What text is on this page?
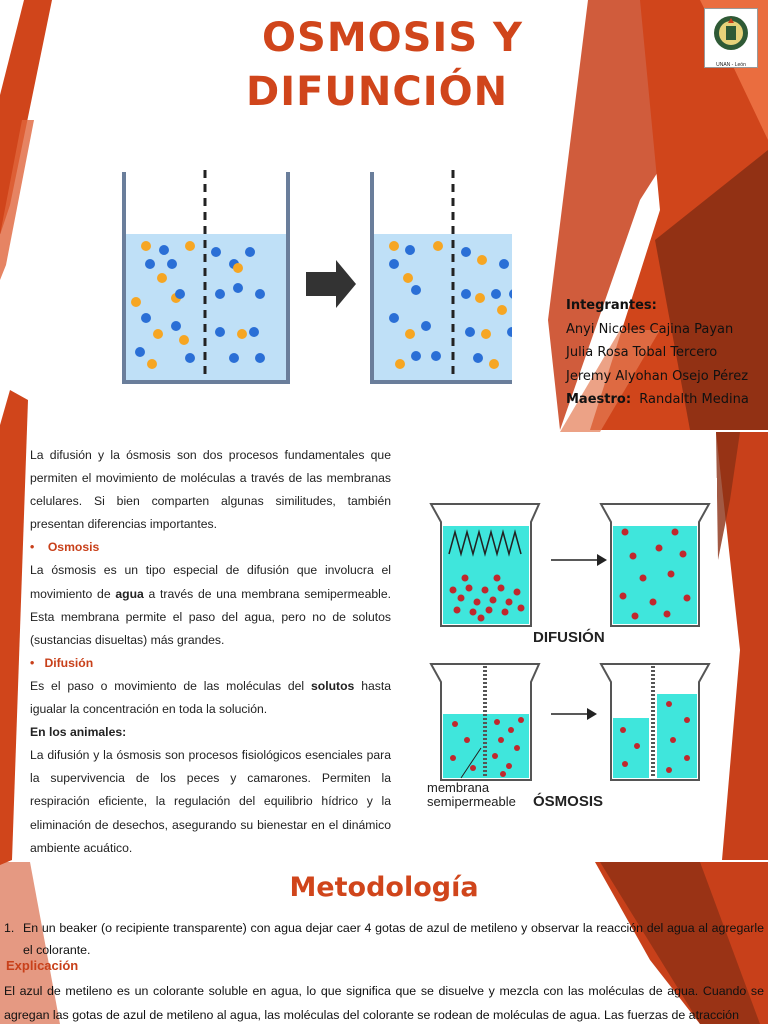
OSMOSIS Y
DIFUNCIÓN
UNAN - León
Integrantes:
Anyi Nicoles Cajina Payan
Julia Rosa Tobal Tercero
Jeremy Alyohan Osejo Pérez
Maestro: Randalth Medina

La difusión y la ósmosis son dos procesos fundamentales que permiten el movimiento de moléculas a través de las membranas celulares. Si bien comparten algunas similitudes, también presentan diferencias importantes.

•    Osmosis

La ósmosis es un tipo especial de difusión que involucra el movimiento de agua a través de una membrana semipermeable. Esta membrana permite el paso del agua, pero no de solutos (sustancias disueltas) más grandes.

•   Difusión

Es el paso o movimiento de las moléculas del solutos hasta igualar la concentración en toda la solución.

En los animales:

La difusión y la ósmosis son procesos fisiológicos esenciales para la supervivencia de los peces y camarones. Permiten la respiración eficiente, la regulación del equilibrio hídrico y la eliminación de desechos, asegurando su bienestar en el dinámico ambiente acuático.

DIFUSIÓN
membrana
semipermeable ÓSMOSIS
Metodología
1. En un beaker (o recipiente transparente) con agua dejar caer 4 gotas de azul de metileno y observar la reacción del agua al agregarle el colorante.
Explicación
El azul de metileno es un colorante soluble en agua, lo que significa que se disuelve y mezcla con las moléculas de agua. Cuando se agregan las gotas de azul de metileno al agua, las moléculas del colorante se rodean de moléculas de agua. Las fuerzas de atracción
